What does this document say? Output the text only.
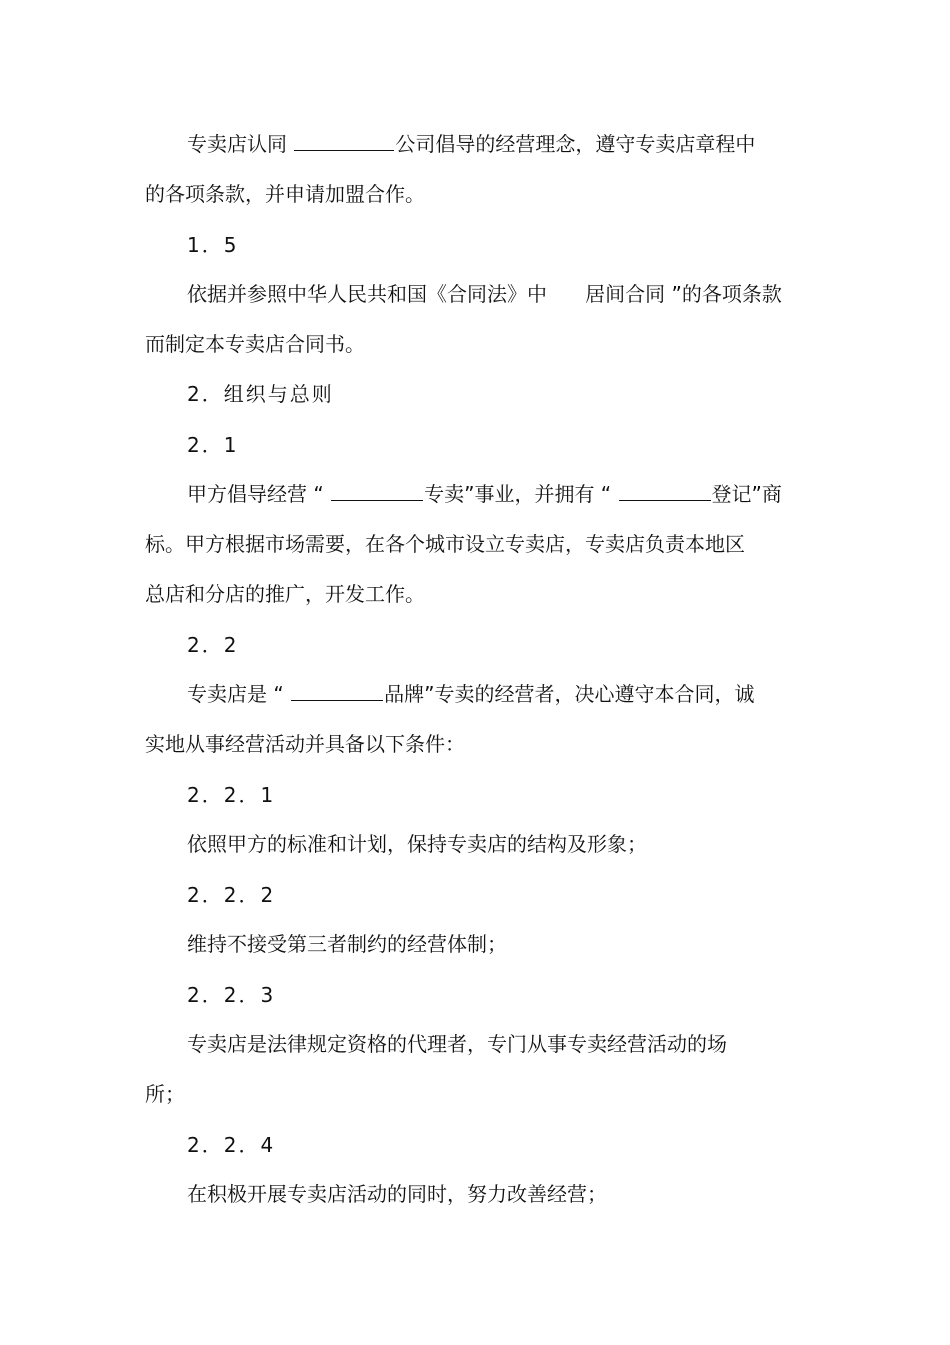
专卖店认同	公司倡导的经营理念，遵守专卖店章程中
的各项条款，并申请加盟合作。
1．5
依据并参照中华人民共和国《合同法》中      居间合同 ”的各项条款
而制定本专卖店合同书。
2．组织与总则
2．1
甲方倡导经营 “	专卖”事业，并拥有 “	登记”商
标。甲方根据市场需要，在各个城市设立专卖店，专卖店负责本地区
总店和分店的推广，开发工作。
2．2
专卖店是 “	品牌”专卖的经营者，决心遵守本合同，诚
实地从事经营活动并具备以下条件：
2．2．1
依照甲方的标准和计划，保持专卖店的结构及形象；
2．2．2
维持不接受第三者制约的经营体制；
2．2．3
专卖店是法律规定资格的代理者，专门从事专卖经营活动的场
所；
2．2．4
在积极开展专卖店活动的同时，努力改善经营；
